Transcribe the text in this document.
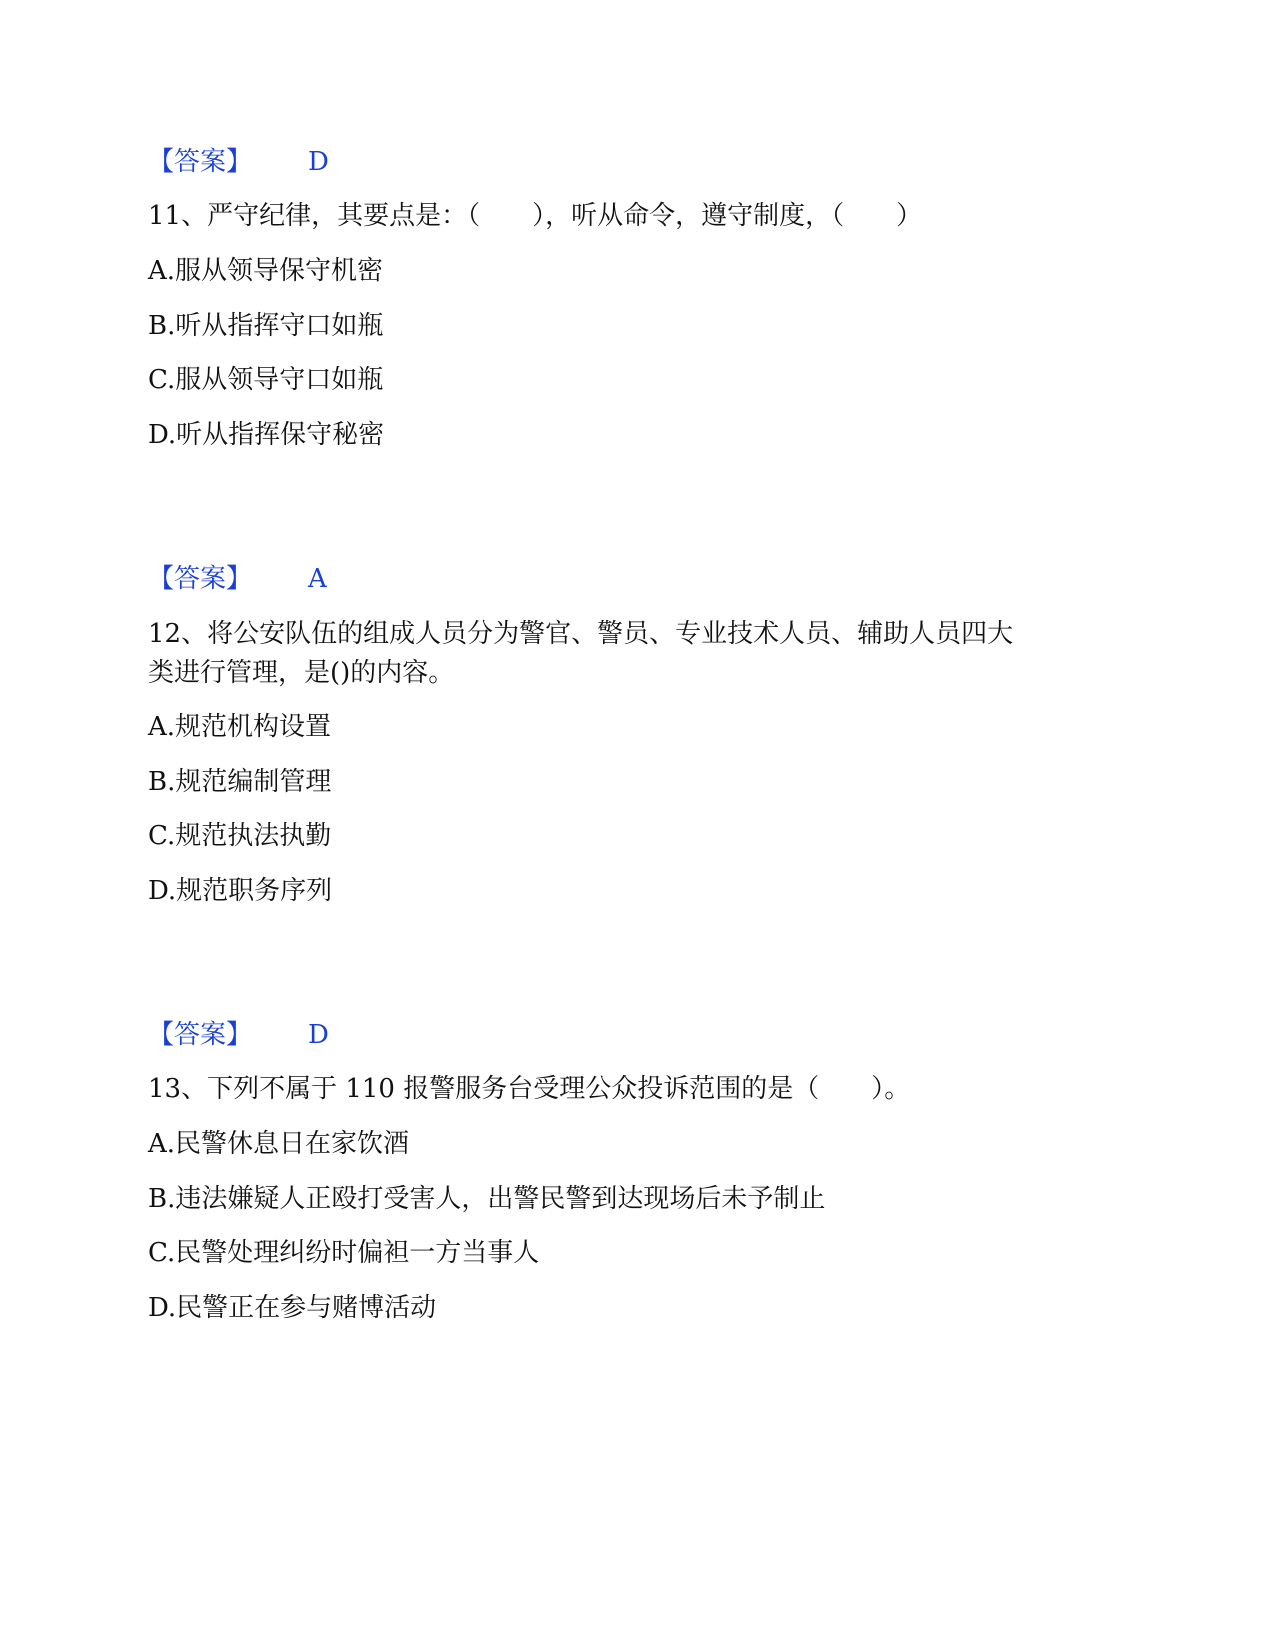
【答案】 D
11、严守纪律，其要点是：（　　），听从命令，遵守制度，（　　）
A.服从领导保守机密
B.听从指挥守口如瓶
C.服从领导守口如瓶
D.听从指挥保守秘密
【答案】 A
12、将公安队伍的组成人员分为警官、警员、专业技术人员、辅助人员四大
类进行管理，是()的内容。
A.规范机构设置
B.规范编制管理
C.规范执法执勤
D.规范职务序列
【答案】 D
13、下列不属于 110 报警服务台受理公众投诉范围的是（　　）。
A.民警休息日在家饮酒
B.违法嫌疑人正殴打受害人，出警民警到达现场后未予制止
C.民警处理纠纷时偏袒一方当事人
D.民警正在参与赌博活动
